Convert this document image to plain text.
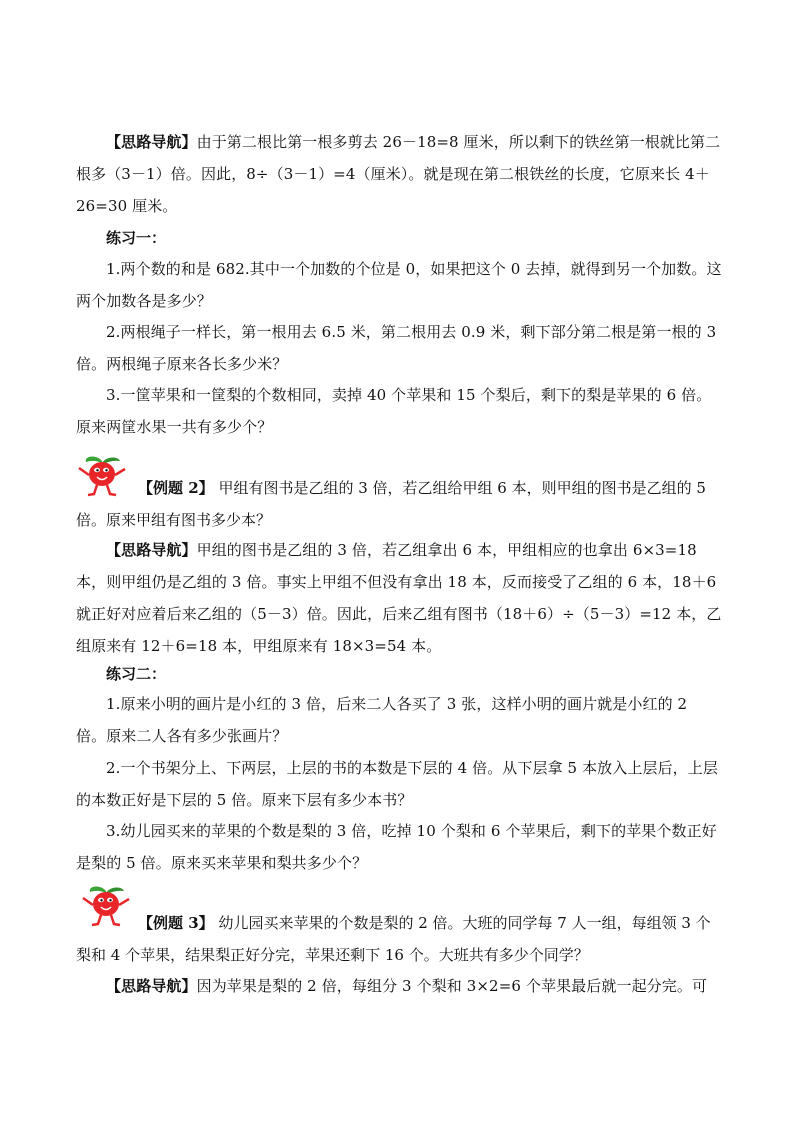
【思路导航】由于第二根比第一根多剪去 26－18=8 厘米，所以剩下的铁丝第一根就比第二根多（3－1）倍。因此，8÷（3－1）=4（厘米）。就是现在第二根铁丝的长度，它原来长 4＋26=30 厘米。

练习一：

1.两个数的和是 682.其中一个加数的个位是 0，如果把这个 0 去掉，就得到另一个加数。这两个加数各是多少？

2.两根绳子一样长，第一根用去 6.5 米，第二根用去 0.9 米，剩下部分第二根是第一根的 3 倍。两根绳子原来各长多少米？

3.一筐苹果和一筐梨的个数相同，卖掉 40 个苹果和 15 个梨后，剩下的梨是苹果的 6 倍。原来两筐水果一共有多少个？

【例题 2】 甲组有图书是乙组的 3 倍，若乙组给甲组 6 本，则甲组的图书是乙组的 5 倍。原来甲组有图书多少本？

【思路导航】甲组的图书是乙组的 3 倍，若乙组拿出 6 本，甲组相应的也拿出 6×3=18 本，则甲组仍是乙组的 3 倍。事实上甲组不但没有拿出 18 本，反而接受了乙组的 6 本，18＋6 就正好对应着后来乙组的（5－3）倍。因此，后来乙组有图书（18＋6）÷（5－3）=12 本，乙组原来有 12＋6=18 本，甲组原来有 18×3=54 本。

练习二：

1.原来小明的画片是小红的 3 倍，后来二人各买了 3 张，这样小明的画片就是小红的 2 倍。原来二人各有多少张画片？

2.一个书架分上、下两层，上层的书的本数是下层的 4 倍。从下层拿 5 本放入上层后，上层的本数正好是下层的 5 倍。原来下层有多少本书？

3.幼儿园买来的苹果的个数是梨的 3 倍，吃掉 10 个梨和 6 个苹果后，剩下的苹果个数正好是梨的 5 倍。原来买来苹果和梨共多少个？

【例题 3】 幼儿园买来苹果的个数是梨的 2 倍。大班的同学每 7 人一组，每组领 3 个梨和 4 个苹果，结果梨正好分完，苹果还剩下 16 个。大班共有多少个同学？

【思路导航】因为苹果是梨的 2 倍，每组分 3 个梨和 3×2=6 个苹果最后就一起分完。可
